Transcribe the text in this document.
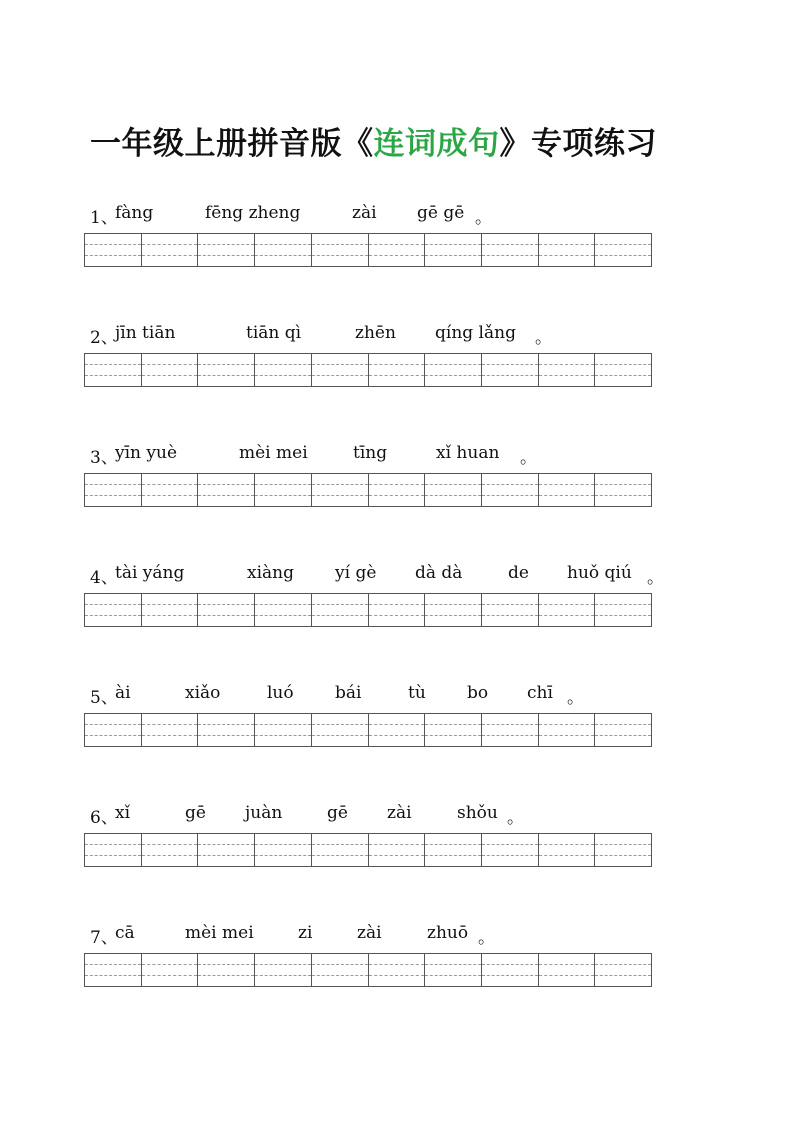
一年级上册拼音版《连词成句》专项练习
1、
fàng	fēng zheng	zài gē gē 。
2、
jīn tiān	tiān qì	zhēn qíng lǎng 。
3、
yīn yuè	mèi mei	tīng	xǐ huan 。
4、
tài yáng	xiàng yí gè dà dà	de huǒ qiú 。
5、
ài	xiǎo	luó bái	tù bo chī 。
6、
xǐ	gē juàn	gē zài	shǒu 。
7、
cā	mèi mei	zi	zài	zhuō 。
